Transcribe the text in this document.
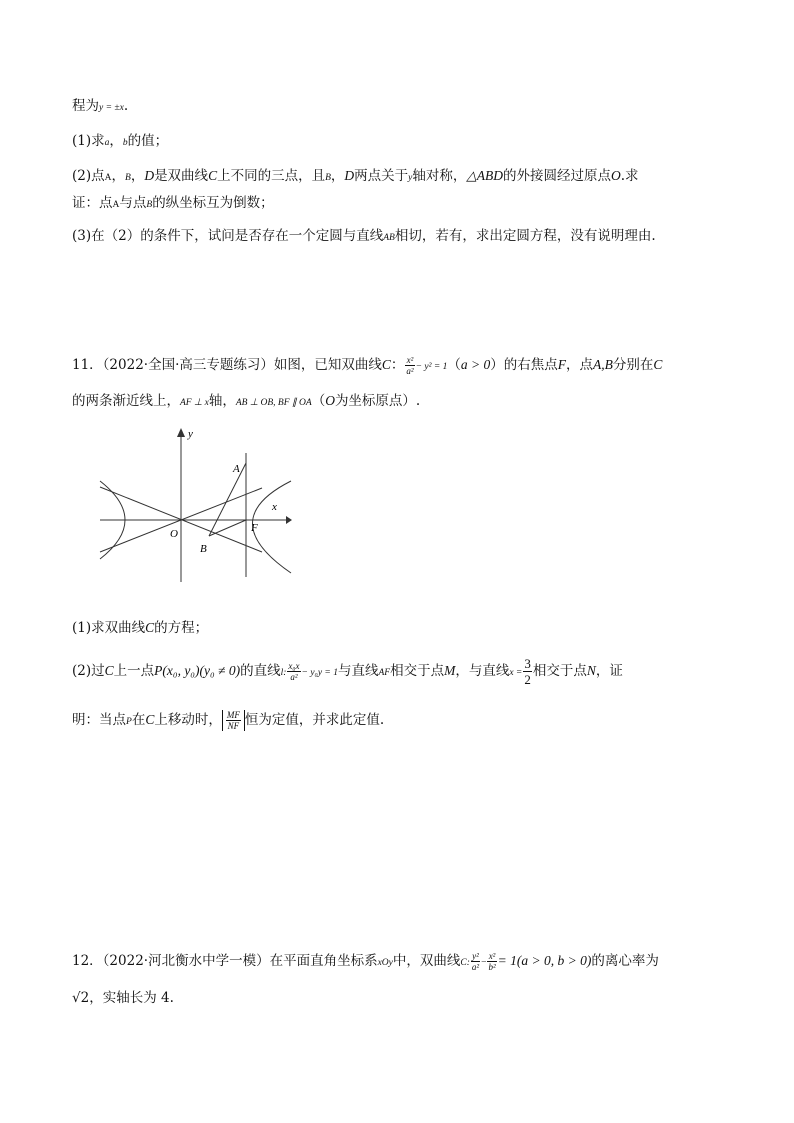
程为y = ±x.
(1)求a，b的值；
(2)点A，B，D是双曲线C上不同的三点，且B，D两点关于y轴对称，△ABD的外接圆经过原点O.求
证：点A与点B的纵坐标互为倒数；
(3)在（2）的条件下，试问是否存在一个定圆与直线AB相切，若有，求出定圆方程，没有说明理由.
11．（2022·全国·高三专题练习）如图，已知双曲线C： $\frac{\text{x²}}{\text{a²}} - y^2 = 1(a > 0)$的右焦点F，点A,B分别在C
的两条渐近线上，AF ⊥ x轴，AB ⊥ OB, BF ∥ OA（O为坐标原点）.
y
x
A
O
B
F
(1)求双曲线C的方程；
(2)过C上一点P(x₀, y₀)(y₀ ≠ 0)的直线l: $\frac{\text{x₀x}}{\text{a²}} - y_0y = 1$与直线AF相交于点M，与直线$x = \frac{3}{2}$ 相交于点N，证
明：当点P在C上移动时， $\frac{MF}{NF}$ 恒为定值，并求此定值.
12．（2022·河北衡水中学一模）在平面直角坐标系xOy中，双曲线C: $\frac{\text{y²}}{\text{a²}} - \frac{\text{x²}}{\text{b²}} = 1(a > 0$, b > 0)的离心率为
√2，实轴长为 4.
